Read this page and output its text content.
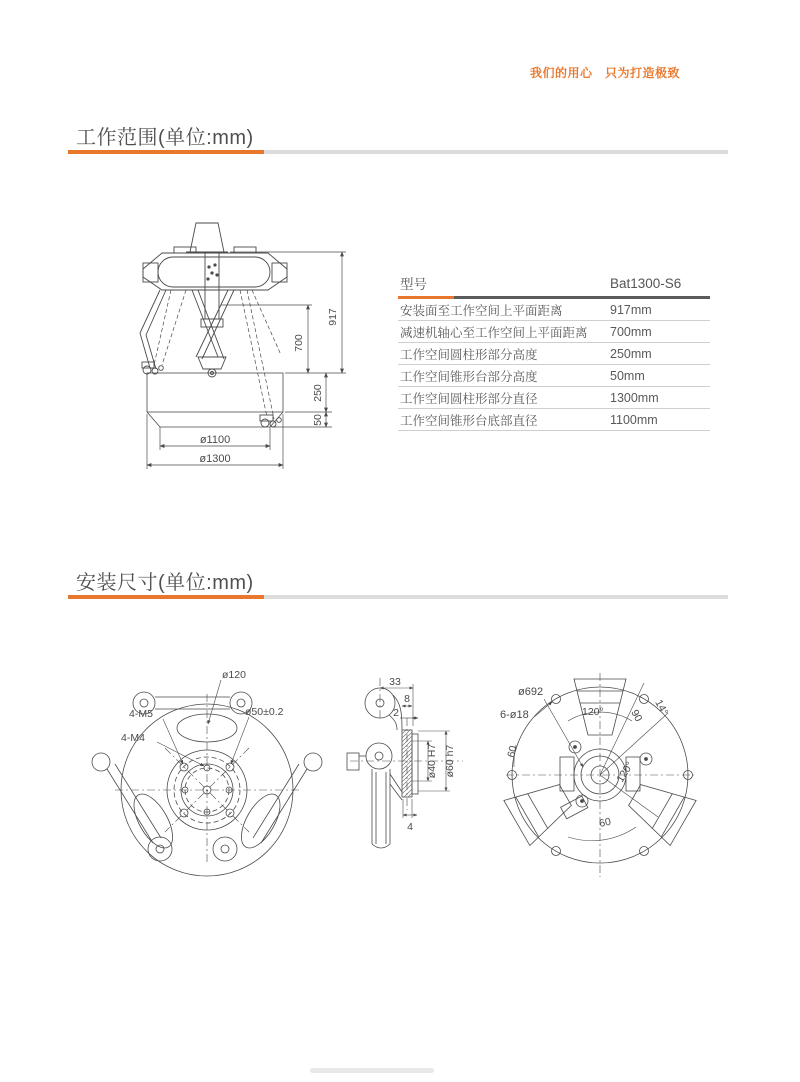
我们的用心　只为打造极致
工作范围(单位:mm)
917
700
250
50
ø1100
ø1300
型号	Bat1300-S6
安装面至工作空间上平面距离	917mm
减速机轴心至工作空间上平面距离 700mm
工作空间圆柱形部分高度	250mm
工作空间锥形台部分高度	50mm
工作空间圆柱形部分直径	1300mm
工作空间锥形台底部直径	1100mm
安装尺寸(单位:mm)
ø120
4-M5
4-M4
ø50±0.2
33
8
2
ø40 H7 ø60 h7
4
ø692
6-ø18	120° 90 14°
60
120°
60
